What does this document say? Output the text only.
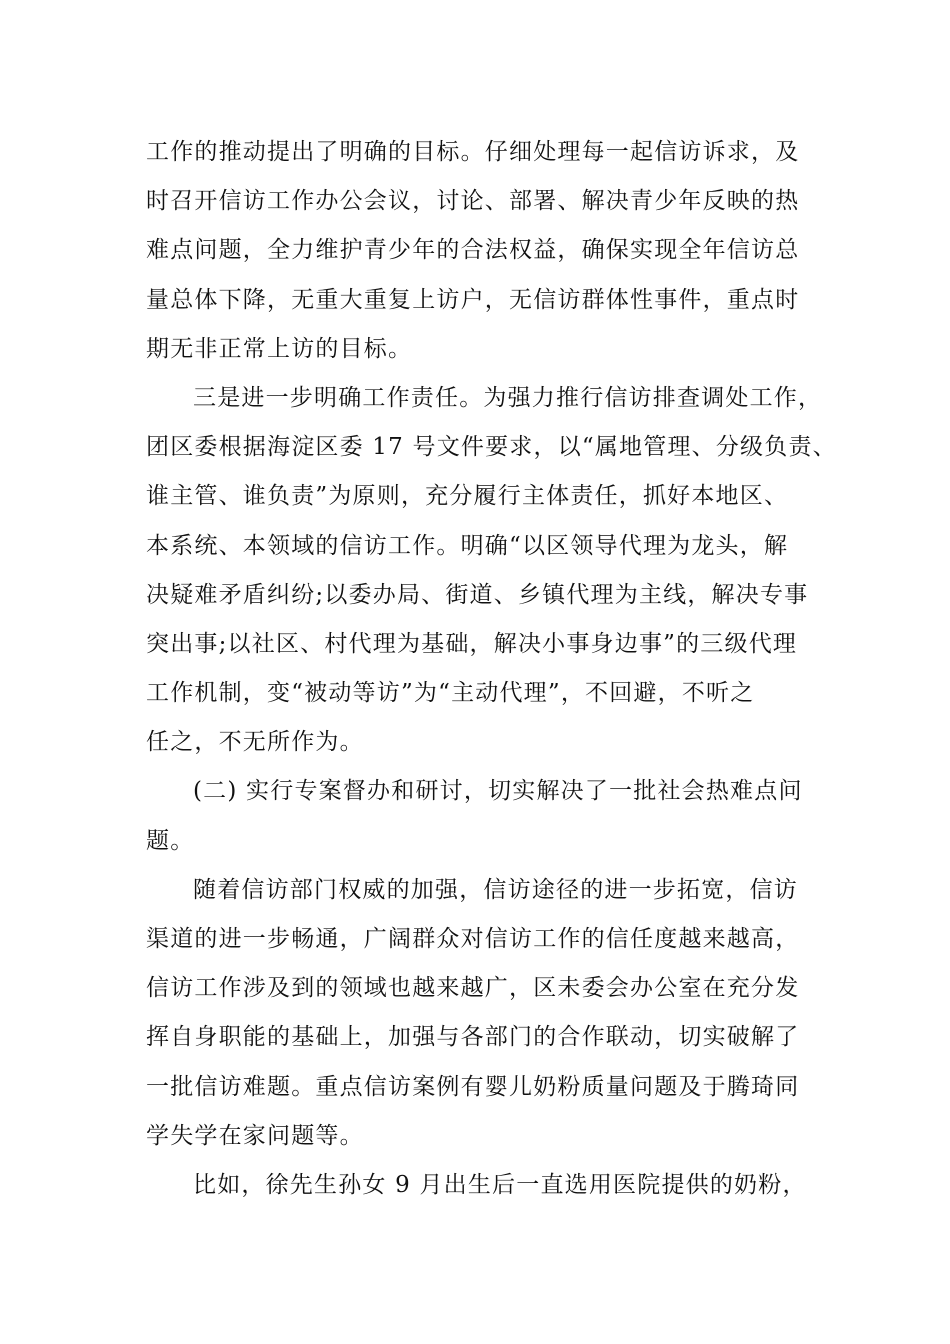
工作的推动提出了明确的目标。仔细处理每一起信访诉求，及
时召开信访工作办公会议，讨论、部署、解决青少年反映的热
难点问题，全力维护青少年的合法权益，确保实现全年信访总
量总体下降，无重大重复上访户，无信访群体性事件，重点时
期无非正常上访的目标。
三是进一步明确工作责任。为强力推行信访排查调处工作，
团区委根据海淀区委 17 号文件要求，以“属地管理、分级负责、
谁主管、谁负责”为原则，充分履行主体责任，抓好本地区、
本系统、本领域的信访工作。明确“以区领导代理为龙头，解
决疑难矛盾纠纷;以委办局、街道、乡镇代理为主线，解决专事
突出事;以社区、村代理为基础，解决小事身边事”的三级代理
工作机制，变“被动等访”为“主动代理”，不回避，不听之
任之，不无所作为。
(二) 实行专案督办和研讨，切实解决了一批社会热难点问
题。
随着信访部门权威的加强，信访途径的进一步拓宽，信访
渠道的进一步畅通，广阔群众对信访工作的信任度越来越高，
信访工作涉及到的领域也越来越广，区未委会办公室在充分发
挥自身职能的基础上，加强与各部门的合作联动，切实破解了
一批信访难题。重点信访案例有婴儿奶粉质量问题及于腾琦同
学失学在家问题等。
比如，徐先生孙女 9 月出生后一直选用医院提供的奶粉，
